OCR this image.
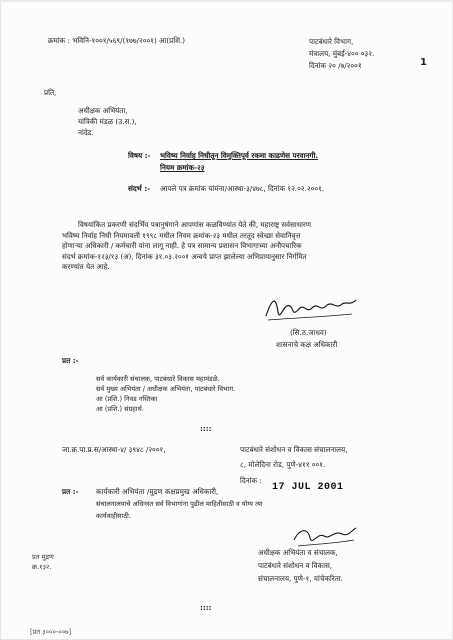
क्रमांक : भविनि-१००१/५६९/(१७७/२००१) आ(प्रशि.)	पाटबंधारे विभाग,
मंत्रालय, मुंबई-४०० ०३२.
दिनांक २० /७/२००१	1
प्रति,
अधीक्षक अभियंता,
यांत्रिकी मंडळ (उ.स.),
नांदेड.
विषय :- भविष्य निर्वाह निधीतून विमुक्तिपूर्व रकमा काढणेस परवानगी.
नियम क्रमांक-२३
संदर्भ :- आपले पत्र क्रमांक यांमंना/आस्था-३/४७८, दिनांक १२.०२.२००१.
विषयांकित प्रकरणी संदर्भिय पत्रानुषंगाने आपणांस कळविण्यांत येते की, महाराष्ट्र सर्वसाधारण
भविष्य निर्वाह निधी नियमावली १९९८ मधील नियम क्रमांक-२३ मधील तरतूद स्वेच्छा सेवानिवृत्त
होणाऱ्या अधिकारी / कर्मचारी यांना लागू नाही. हे पत्र सामान्य प्रशासन विभागाच्या अनौपचारिक
संदर्भ क्रमांक-१२३/१३ (अ), दिनांक ३१.०३.२००१ अन्वये प्राप्त झालेल्या अभिप्रायानुसार निर्गमित
करण्यांत येत आहे.
(सि.ठ.जाधव)
शासनाचे कक्ष अधिकारी
प्रत :-
सर्व कार्यकारी संचालक, पाटबंधारे विकास महामंडळे.
सर्व मुख्य अभियंता / अधीक्षक अभियंता, पाटबंधारे विभाग.
आ (प्रशि.) निवड नस्तिका
आ (प्रशि.) संग्रहार्थ.
::::
जा.क्र.पा.प्र.स/आस्था-४/ ३९४८ /२००१,	पाटबंधारे संशोधन व विकास संचालनालय,
८, मोलेदिना रोड, पुणे-४११ ००१.
दिनांक :
17 JUL 2001
प्रत :- कार्यकारी अभियंता /मुद्रण कक्षप्रमुख अधिकारी,
संचालनालयाचे अधिनस्त सर्व विभागांना पुढील माहितीसाठी व योग्य त्या
कार्यवाहीसाठी.
अधीक्षक अभियंता व संचालक,
पाटबंधारे संशोधन व विकास,
संचालनालय, पुणे-१, यांचेकरिता.
प्रत मुद्रण
क्र.१३२.
::::
[प्रत ३०००-००७]
